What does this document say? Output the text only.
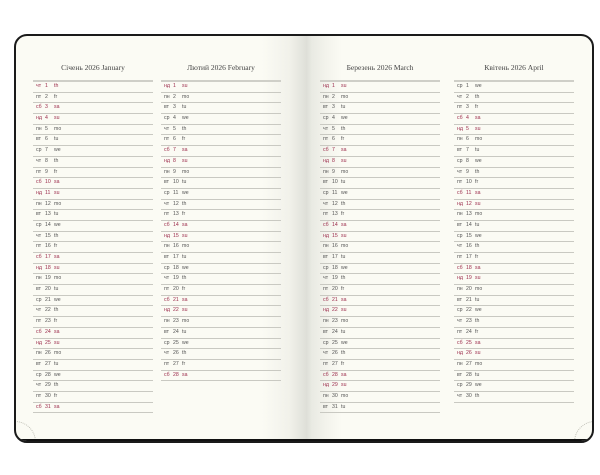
Січень 2026 January
чт 1 th
пт 2 fr
сб 3 sa
нд 4 su
пн 5 mo
вт 6 tu
ср 7 we
чт 8 th
пт 9 fr
сб 10 sa
нд 11 su
пн 12 mo
вт 13 tu
ср 14 we
чт 15 th
пт 16 fr
сб 17 sa
нд 18 su
пн 19 mo
вт 20 tu
ср 21 we
чт 22 th
пт 23 fr
сб 24 sa
нд 25 su
пн 26 mo
вт 27 tu
ср 28 we
чт 29 th
пт 30 fr
сб 31 sa
Лютий 2026 February
нд 1 su
пн 2 mo
вт 3 tu
ср 4 we
чт 5 th
пт 6 fr
сб 7 sa
нд 8 su
пн 9 mo
вт 10 tu
ср 11 we
чт 12 th
пт 13 fr
сб 14 sa
нд 15 su
пн 16 mo
вт 17 tu
ср 18 we
чт 19 th
пт 20 fr
сб 21 sa
нд 22 su
пн 23 mo
вт 24 tu
ср 25 we
чт 26 th
пт 27 fr
сб 28 sa
Березень 2026 March
нд 1 su
пн 2 mo
вт 3 tu
ср 4 we
чт 5 th
пт 6 fr
сб 7 sa
нд 8 su
пн 9 mo
вт 10 tu
ср 11 we
чт 12 th
пт 13 fr
сб 14 sa
нд 15 su
пн 16 mo
вт 17 tu
ср 18 we
чт 19 th
пт 20 fr
сб 21 sa
нд 22 su
пн 23 mo
вт 24 tu
ср 25 we
чт 26 th
пт 27 fr
сб 28 sa
нд 29 su
пн 30 mo
вт 31 tu
Квітень 2026 April
ср 1 we
чт 2 th
пт 3 fr
сб 4 sa
нд 5 su
пн 6 mo
вт 7 tu
ср 8 we
чт 9 th
пт 10 fr
сб 11 sa
нд 12 su
пн 13 mo
вт 14 tu
ср 15 we
чт 16 th
пт 17 fr
сб 18 sa
нд 19 su
пн 20 mo
вт 21 tu
ср 22 we
чт 23 th
пт 24 fr
сб 25 sa
нд 26 su
пн 27 mo
вт 28 tu
ср 29 we
чт 30 th
